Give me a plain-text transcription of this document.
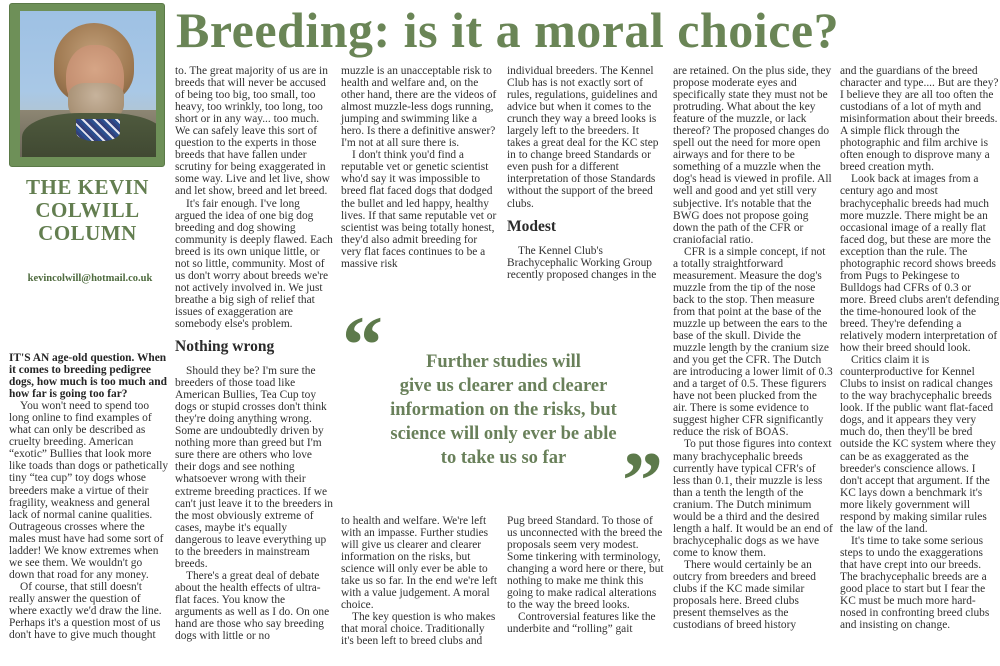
Breeding: is it a moral choice?
THE KEVIN
COLWILL
COLUMN
kevincolwill@hotmail.co.uk

IT'S AN age-old question. When it comes to breeding pedigree dogs, how much is too much and how far is going too far?

You won't need to spend too long online to find examples of what can only be described as cruelty breeding. American “exotic” Bullies that look more like toads than dogs or pathetically tiny “tea cup” toy dogs whose breeders make a virtue of their fragility, weakness and general lack of normal canine qualities. Outrageous crosses where the males must have had some sort of ladder! We know extremes when we see them. We wouldn't go down that road for any money.

Of course, that still doesn't really answer the question of where exactly we'd draw the line. Perhaps it's a question most of us don't have to give much thought

to. The great majority of us are in breeds that will never be accused of being too big, too small, too heavy, too wrinkly, too long, too short or in any way... too much. We can safely leave this sort of question to the experts in those breeds that have fallen under scrutiny for being exaggerated in some way. Live and let live, show and let show, breed and let breed.

It's fair enough. I've long argued the idea of one big dog breeding and dog showing community is deeply flawed. Each breed is its own unique little, or not so little, community. Most of us don't worry about breeds we're not actively involved in. We just breathe a big sigh of relief that issues of exaggeration are somebody else's problem.

Nothing wrong

Should they be? I'm sure the breeders of those toad like American Bullies, Tea Cup toy dogs or stupid crosses don't think they're doing anything wrong. Some are undoubtedly driven by nothing more than greed but I'm sure there are others who love their dogs and see nothing whatsoever wrong with their extreme breeding practices. If we can't just leave it to the breeders in the most obviously extreme of cases, maybe it's equally dangerous to leave everything up to the breeders in mainstream breeds.

There's a great deal of debate about the health effects of ultra-flat faces. You know the arguments as well as I do. On one hand are those who say breeding dogs with little or no

muzzle is an unacceptable risk to health and welfare and, on the other hand, there are the videos of almost muzzle-less dogs running, jumping and swimming like a hero. Is there a definitive answer? I'm not at all sure there is.

I don't think you'd find a reputable vet or genetic scientist who'd say it was impossible to breed flat faced dogs that dodged the bullet and led happy, healthy lives. If that same reputable vet or scientist was being totally honest, they'd also admit breeding for very flat faces continues to be a massive risk

to health and welfare. We're left with an impasse. Further studies will give us clearer and clearer information on the risks, but science will only ever be able to take us so far. In the end we're left with a value judgement. A moral choice.

The key question is who makes that moral choice. Traditionally it's been left to breed clubs and

individual breeders. The Kennel Club has is not exactly sort of rules, regulations, guidelines and advice but when it comes to the crunch they way a breed looks is largely left to the breeders. It takes a great deal for the KC step in to change breed Standards or even push for a different interpretation of those Standards without the support of the breed clubs.

Modest

The Kennel Club's Brachycephalic Working Group recently proposed changes in the

Pug breed Standard. To those of us unconnected with the breed the proposals seem very modest. Some tinkering with terminology, changing a word here or there, but nothing to make me think this going to make radical alterations to the way the breed looks.

Controversial features like the underbite and “rolling” gait

are retained. On the plus side, they propose moderate eyes and specifically state they must not be protruding. What about the key feature of the muzzle, or lack thereof? The proposed changes do spell out the need for more open airways and for there to be something of a muzzle when the dog's head is viewed in profile. All well and good and yet still very subjective. It's notable that the BWG does not propose going down the path of the CFR or craniofacial ratio.

CFR is a simple concept, if not a totally straightforward measurement. Measure the dog's muzzle from the tip of the nose back to the stop. Then measure from that point at the base of the muzzle up between the ears to the base of the skull. Divide the muzzle length by the cranium size and you get the CFR. The Dutch are introducing a lower limit of 0.3 and a target of 0.5. These figurers have not been plucked from the air. There is some evidence to suggest higher CFR significantly reduce the risk of BOAS.

To put those figures into context many brachycephalic breeds currently have typical CFR's of less than 0.1, their muzzle is less than a tenth the length of the cranium. The Dutch minimum would be a third and the desired length a half. It would be an end of brachycephalic dogs as we have come to know them.

There would certainly be an outcry from breeders and breed clubs if the KC made similar proposals here. Breed clubs present themselves as the custodians of breed history

and the guardians of the breed character and type.... But are they? I believe they are all too often the custodians of a lot of myth and misinformation about their breeds. A simple flick through the photographic and film archive is often enough to disprove many a breed creation myth.

Look back at images from a century ago and most brachycephalic breeds had much more muzzle. There might be an occasional image of a really flat faced dog, but these are more the exception than the rule. The photographic record shows breeds from Pugs to Pekingese to Bulldogs had CFRs of 0.3 or more. Breed clubs aren't defending the time-honoured look of the breed. They're defending a relatively modern interpretation of how their breed should look.

Critics claim it is counterproductive for Kennel Clubs to insist on radical changes to the way brachycephalic breeds look. If the public want flat-faced dogs, and it appears they very much do, then they'll be bred outside the KC system where they can be as exaggerated as the breeder's conscience allows. I don't accept that argument. If the KC lays down a benchmark it's more likely government will respond by making similar rules the law of the land.

It's time to take some serious steps to undo the exaggerations that have crept into our breeds. The brachycephalic breeds are a good place to start but I fear the KC must be much more hard-nosed in confronting breed clubs and insisting on change.

“	Further studies will
give us clearer and clearer
information on the risks, but
science will only ever be able
to take us so far ”
